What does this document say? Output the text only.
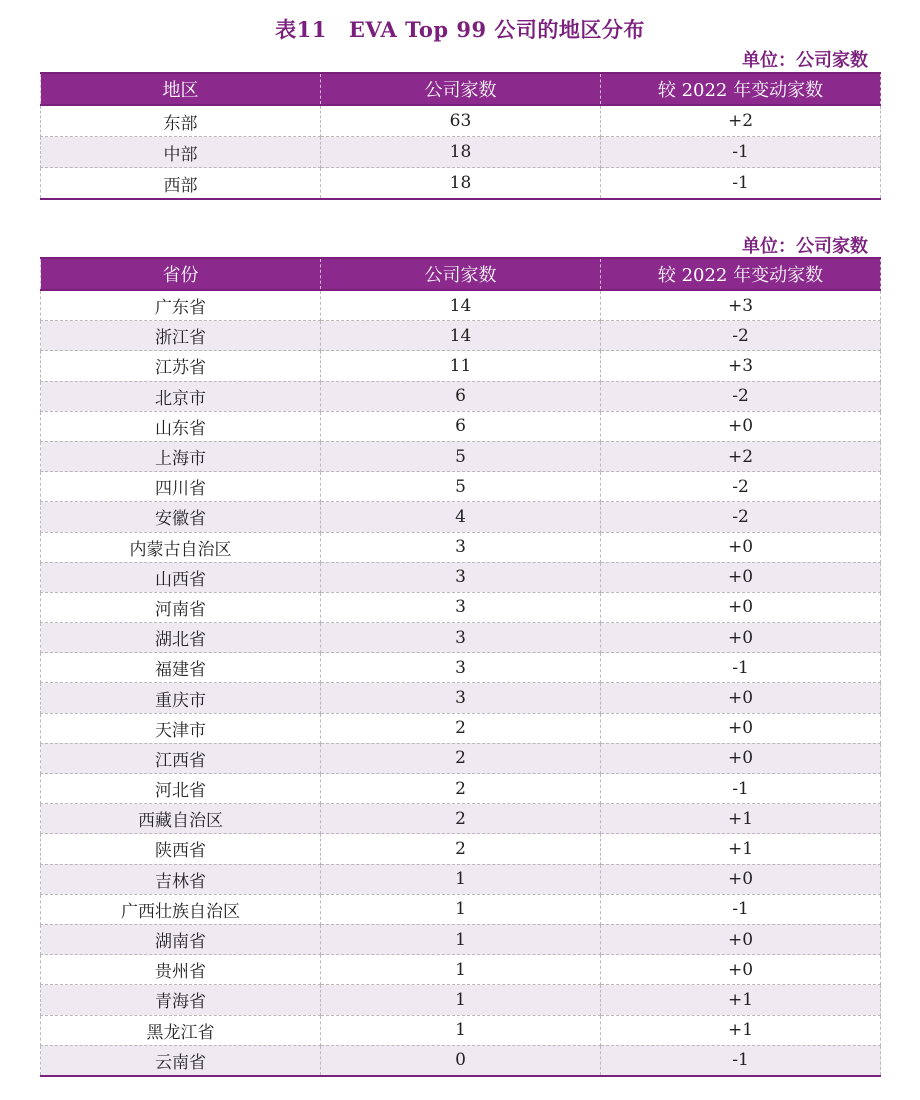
表11 EVA Top 99 公司的地区分布
单位：公司家数
地区	公司家数	较 2022 年变动家数
东部	63	+2
中部	18	-1
西部	18	-1
单位：公司家数
省份	公司家数	较 2022 年变动家数
广东省	14	+3
浙江省	14	-2
江苏省	11	+3
北京市	6	-2
山东省	6	+0
上海市	5	+2
四川省	5	-2
安徽省	4	-2
内蒙古自治区	3	+0
山西省	3	+0
河南省	3	+0
湖北省	3	+0
福建省	3	-1
重庆市	3	+0
天津市	2	+0
江西省	2	+0
河北省	2	-1
西藏自治区	2	+1
陕西省	2	+1
吉林省	1	+0
广西壮族自治区	1	-1
湖南省	1	+0
贵州省	1	+0
青海省	1	+1
黑龙江省	1	+1
云南省	0	-1
